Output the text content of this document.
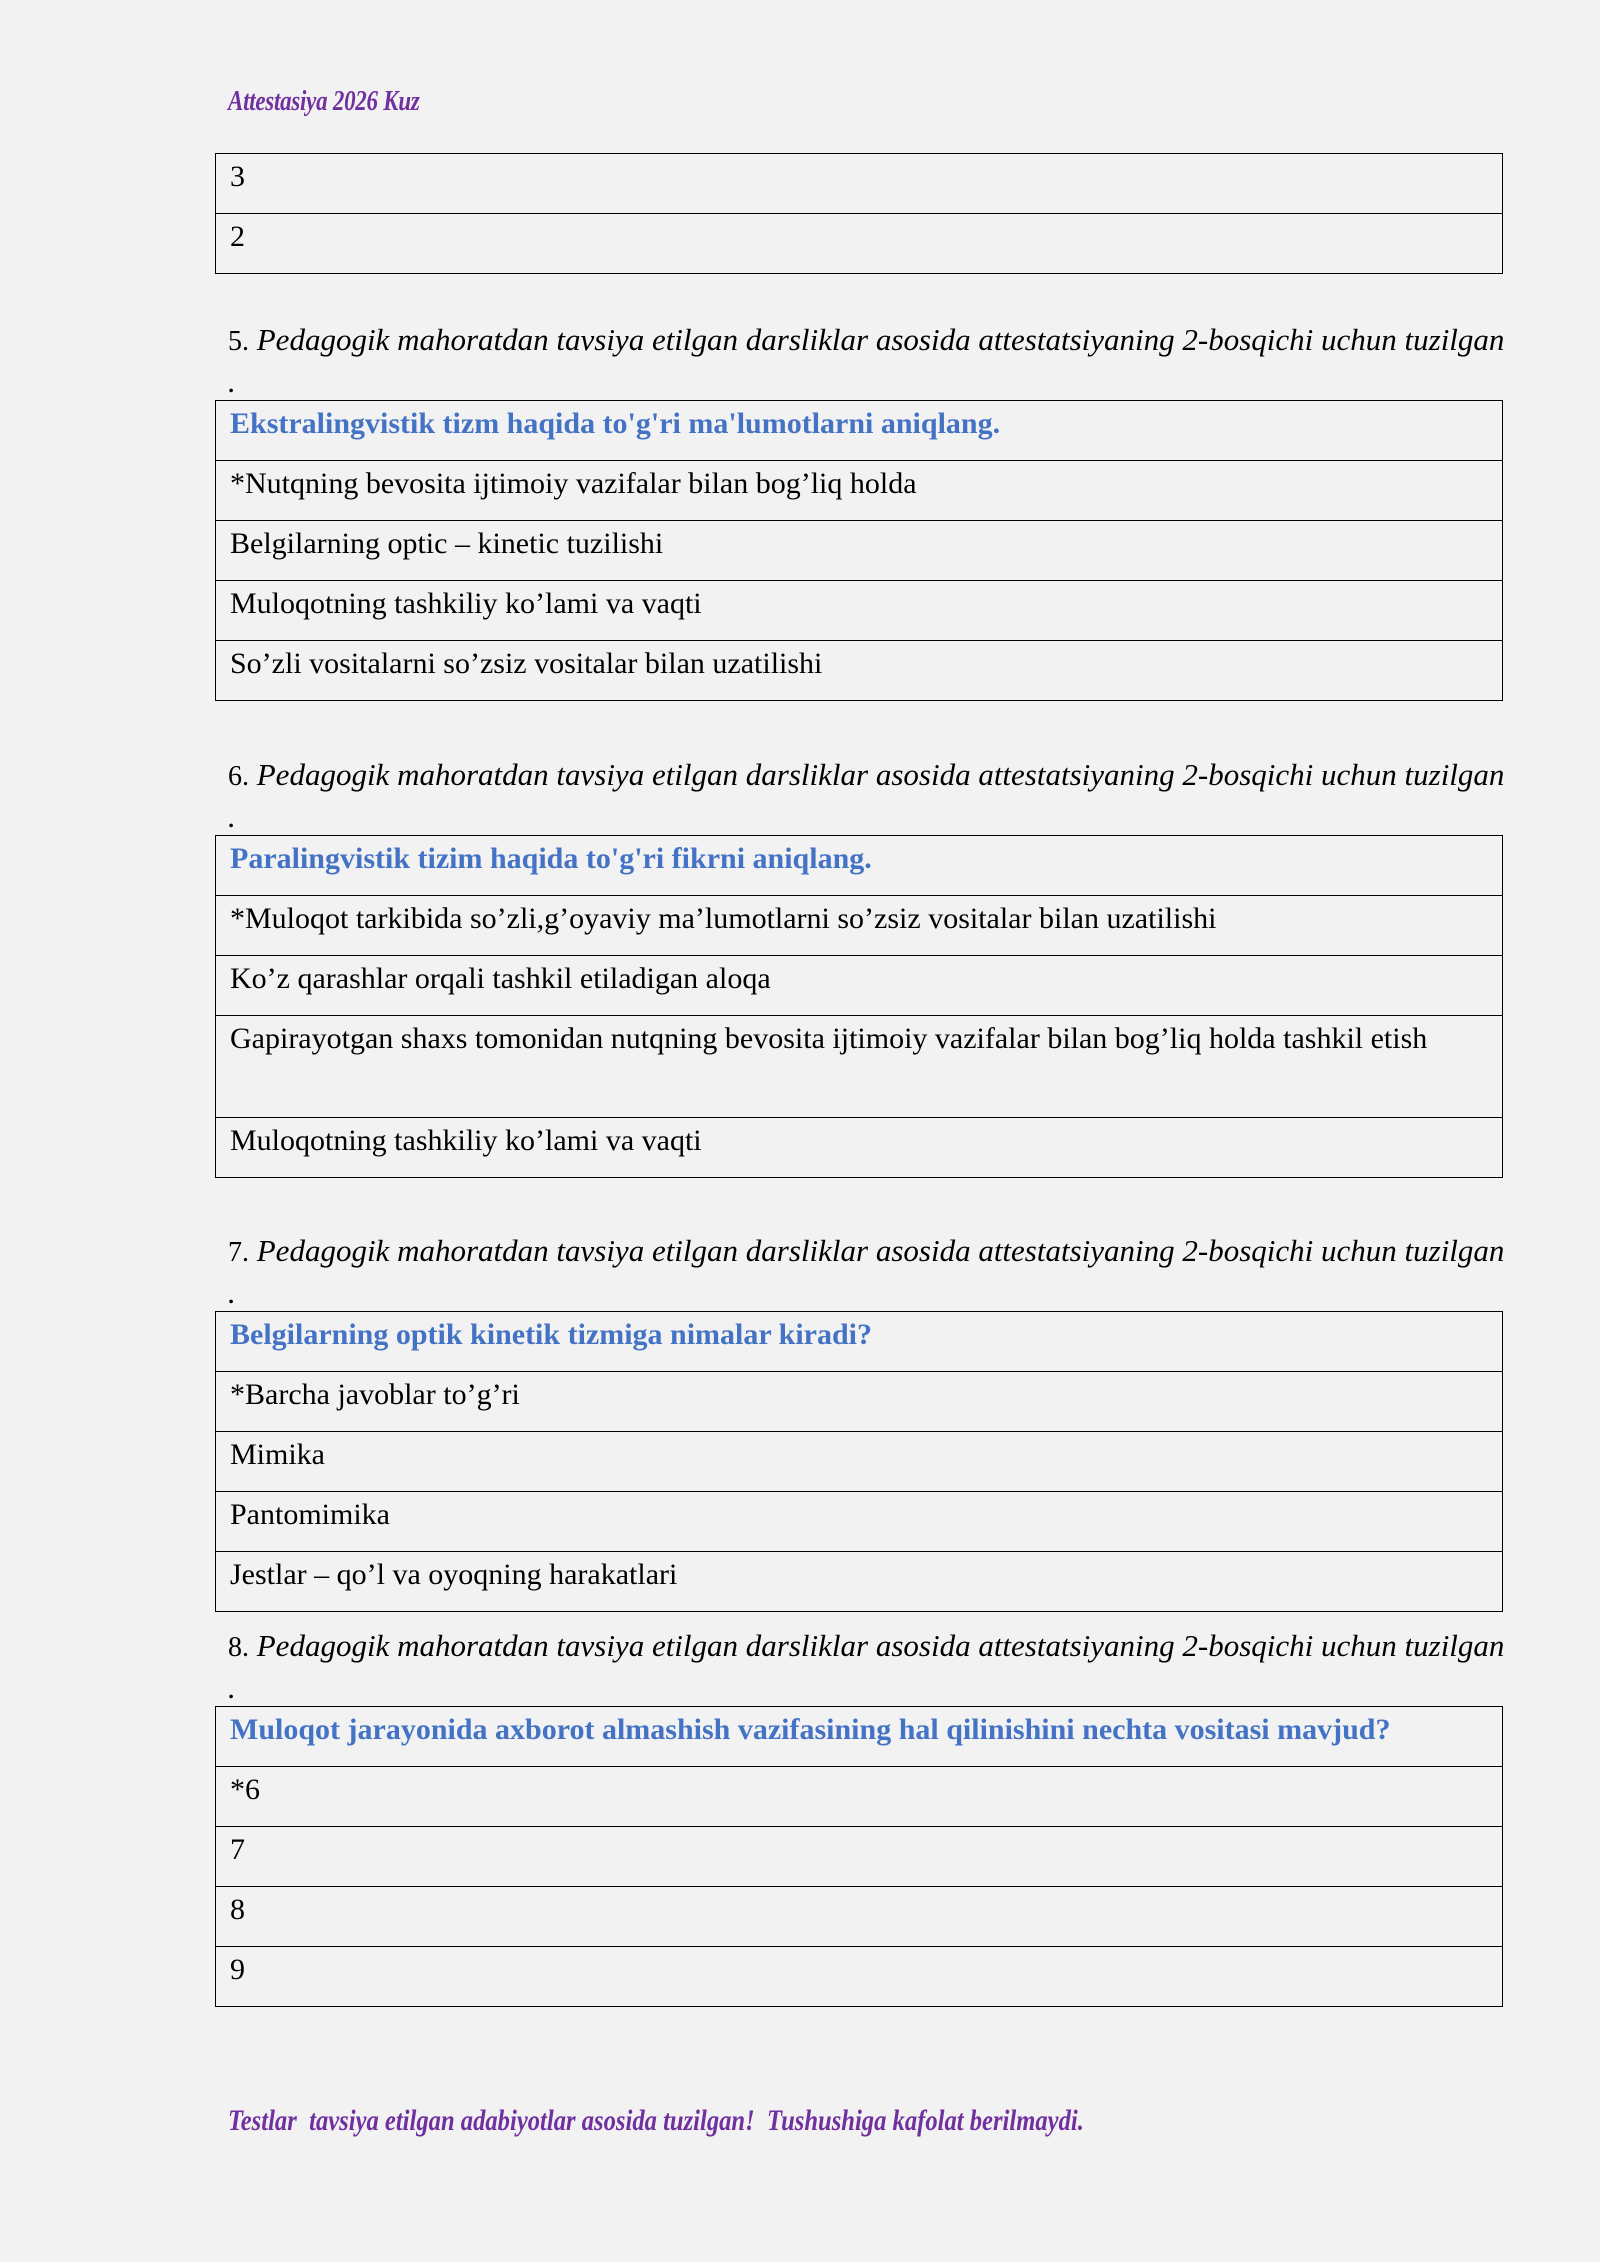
Attestasiya 2026 Kuz
3
2
5. Pedagogik mahoratdan tavsiya etilgan darsliklar asosida attestatsiyaning 2-bosqichi uchun tuzilgan .
Ekstralingvistik tizm haqida to'g'ri ma'lumotlarni aniqlang.
*Nutqning bevosita ijtimoiy vazifalar bilan bog’liq holda
Belgilarning optic – kinetic tuzilishi
Muloqotning tashkiliy ko’lami va vaqti
So’zli vositalarni so’zsiz vositalar bilan uzatilishi
6. Pedagogik mahoratdan tavsiya etilgan darsliklar asosida attestatsiyaning 2-bosqichi uchun tuzilgan .
Paralingvistik tizim haqida to'g'ri fikrni aniqlang.
*Muloqot tarkibida so’zli,g’oyaviy ma’lumotlarni so’zsiz vositalar bilan uzatilishi
Ko’z qarashlar orqali tashkil etiladigan aloqa
Gapirayotgan shaxs tomonidan nutqning bevosita ijtimoiy vazifalar bilan bog’liq holda tashkil etish
Muloqotning tashkiliy ko’lami va vaqti
7. Pedagogik mahoratdan tavsiya etilgan darsliklar asosida attestatsiyaning 2-bosqichi uchun tuzilgan .
Belgilarning optik kinetik tizmiga nimalar kiradi?
*Barcha javoblar to’g’ri
Mimika
Pantomimika
Jestlar – qo’l va oyoqning harakatlari
8. Pedagogik mahoratdan tavsiya etilgan darsliklar asosida attestatsiyaning 2-bosqichi uchun tuzilgan .
Muloqot jarayonida axborot almashish vazifasining hal qilinishini nechta vositasi mavjud?
*6
7
8
9
Testlar  tavsiya etilgan adabiyotlar asosida tuzilgan!  Tushushiga kafolat berilmaydi.
